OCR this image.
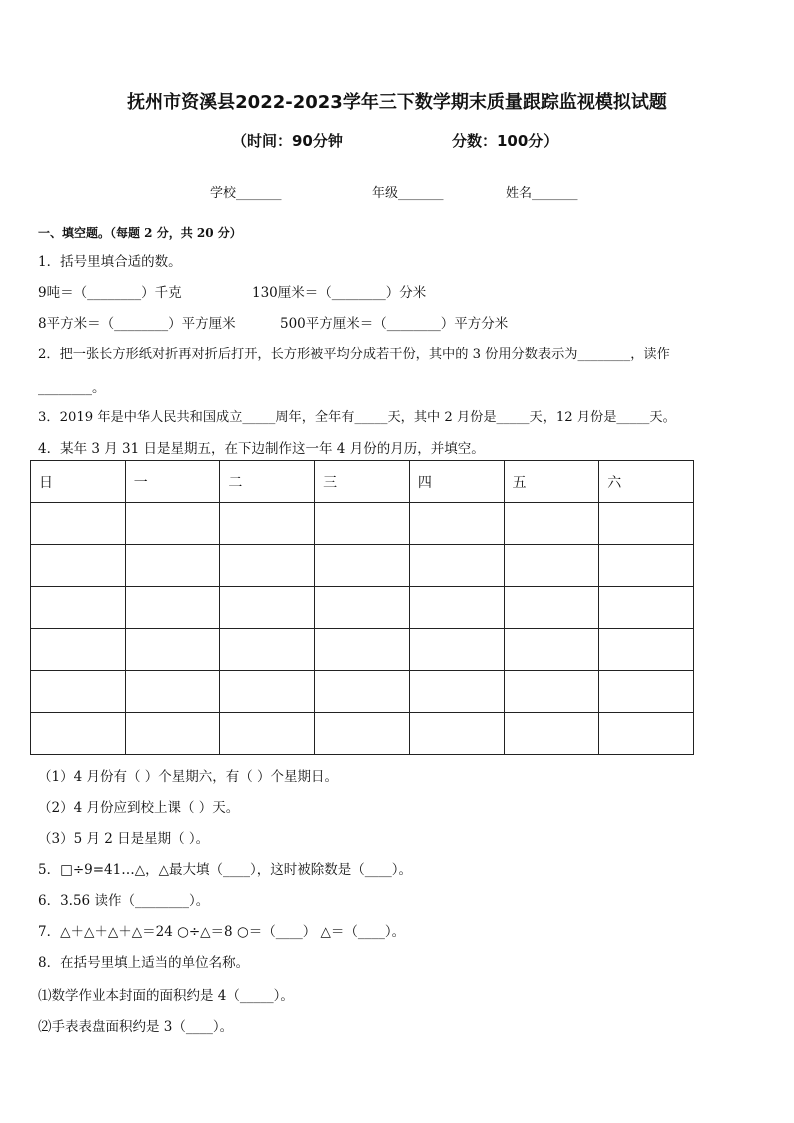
抚州市资溪县2022-2023学年三下数学期末质量跟踪监视模拟试题
（时间：90分钟	分数：100分）
学校_______	年级_______	姓名_______
一、填空题。（每题 2 分，共 20 分）
1．括号里填合适的数。
9吨＝（________）千克	130厘米＝（________）分米
8平方米＝（________）平方厘米	500平方厘米＝（________）平方分米
2．把一张长方形纸对折再对折后打开，长方形被平均分成若干份，其中的 3 份用分数表示为________，读作
________。
3．2019 年是中华人民共和国成立_____周年，全年有_____天，其中 2 月份是_____天，12 月份是_____天。
4．某年 3 月 31 日是星期五，在下边制作这一年 4 月份的月历，并填空。
日	一	二	三	四	五	六

（1）4 月份有（ ）个星期六，有（ ）个星期日。
（2）4 月份应到校上课（ ）天。
（3）5 月 2 日是星期（ ）。
5．□÷9=41…△，△最大填（____），这时被除数是（____）。
6．3.56 读作（________）。
7．△＋△＋△＋△＝24 ○÷△＝8 ○＝（____） △＝（____）。
8．在括号里填上适当的单位名称。
⑴数学作业本封面的面积约是 4（_____）。
⑵手表表盘面积约是 3（____）。
